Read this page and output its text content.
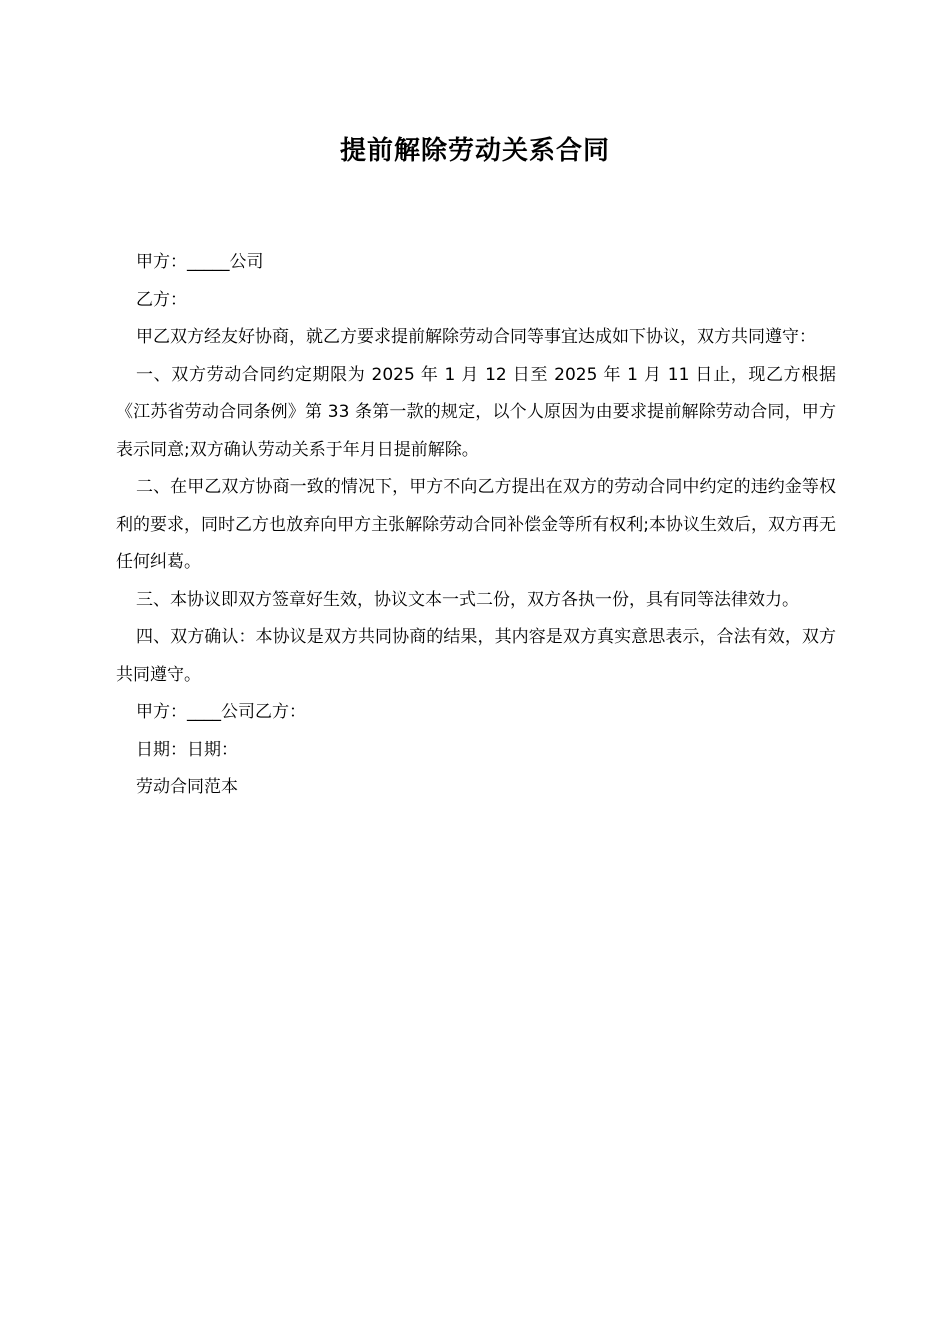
提前解除劳动关系合同

甲方：_____公司

乙方：

甲乙双方经友好协商，就乙方要求提前解除劳动合同等事宜达成如下协议，双方共同遵守：

一、双方劳动合同约定期限为 2025 年 1 月 12 日至 2025 年 1 月 11 日止，现乙方根据《江苏省劳动合同条例》第 33 条第一款的规定，以个人原因为由要求提前解除劳动合同，甲方表示同意;双方确认劳动关系于年月日提前解除。

二、在甲乙双方协商一致的情况下，甲方不向乙方提出在双方的劳动合同中约定的违约金等权利的要求，同时乙方也放弃向甲方主张解除劳动合同补偿金等所有权利;本协议生效后，双方再无任何纠葛。

三、本协议即双方签章好生效，协议文本一式二份，双方各执一份，具有同等法律效力。

四、双方确认：本协议是双方共同协商的结果，其内容是双方真实意思表示，合法有效，双方共同遵守。

甲方：____公司乙方：

日期：日期：

劳动合同范本
